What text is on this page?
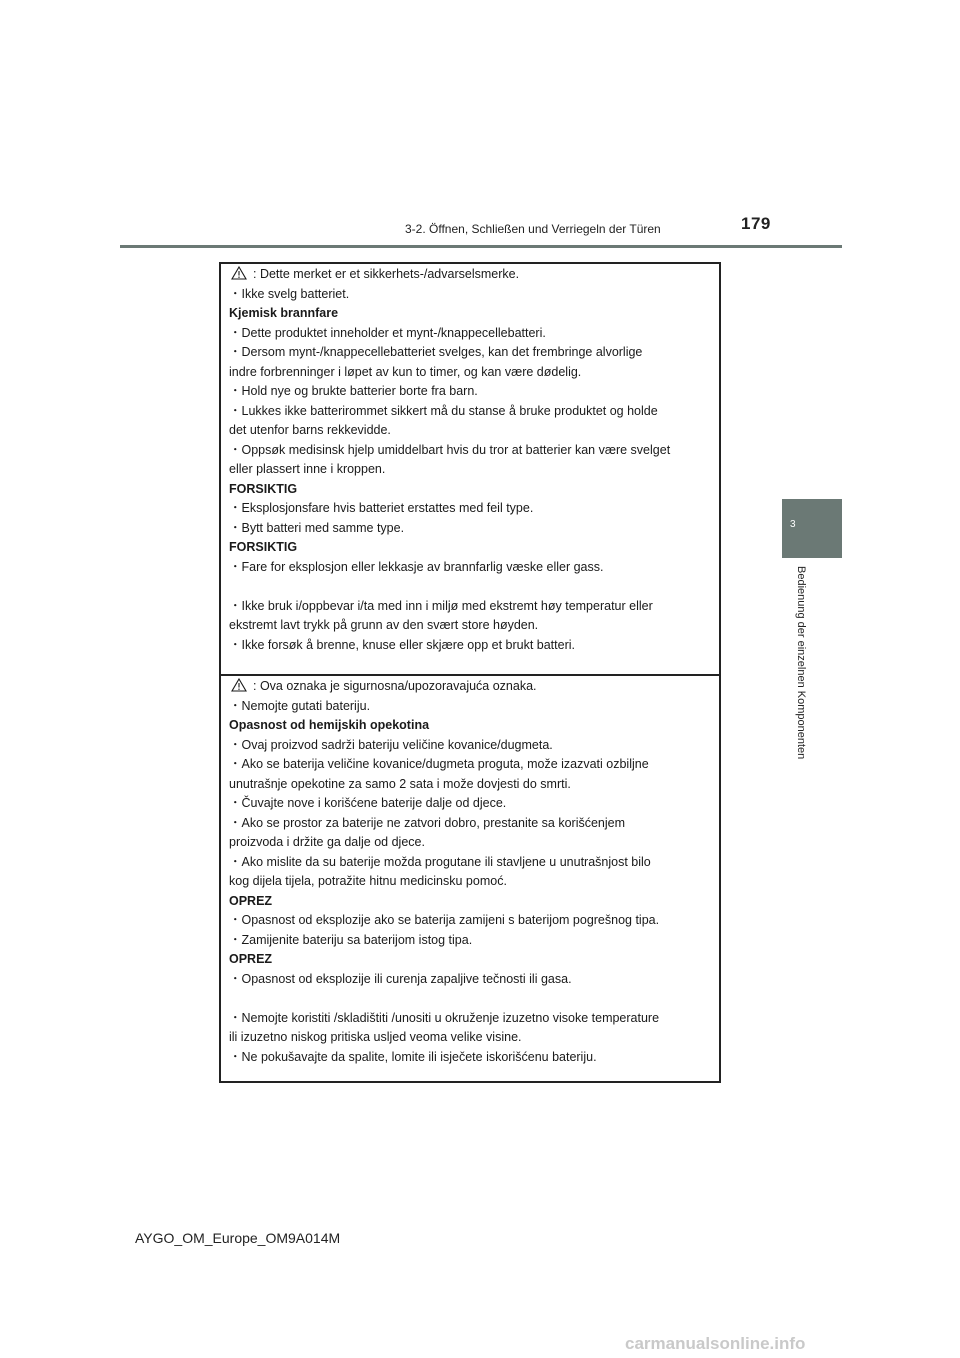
3-2. Öffnen, Schließen und Verriegeln der Türen	179
3
Bedienung der einzelnen Komponenten
: Dette merket er et sikkerhets-/advarselsmerke.
・Ikke svelg batteriet.
Kjemisk brannfare
・Dette produktet inneholder et mynt-/knappecellebatteri.
・Dersom mynt-/knappecellebatteriet svelges, kan det frembringe alvorlige
indre forbrenninger i løpet av kun to timer, og kan være dødelig.
・Hold nye og brukte batterier borte fra barn.
・Lukkes ikke batterirommet sikkert må du stanse å bruke produktet og holde
det utenfor barns rekkevidde.
・Oppsøk medisinsk hjelp umiddelbart hvis du tror at batterier kan være svelget
eller plassert inne i kroppen.
FORSIKTIG
・Eksplosjonsfare hvis batteriet erstattes med feil type.
・Bytt batteri med samme type.
FORSIKTIG
・Fare for eksplosjon eller lekkasje av brannfarlig væske eller gass.
・Ikke bruk i/oppbevar i/ta med inn i miljø med ekstremt høy temperatur eller
ekstremt lavt trykk på grunn av den svært store høyden.
・Ikke forsøk å brenne, knuse eller skjære opp et brukt batteri.
: Ova oznaka je sigurnosna/upozoravajuća oznaka.
・Nemojte gutati bateriju.
Opasnost od hemijskih opekotina
・Ovaj proizvod sadrži bateriju veličine kovanice/dugmeta.
・Ako se baterija veličine kovanice/dugmeta proguta, može izazvati ozbiljne
unutrašnje opekotine za samo 2 sata i može dovjesti do smrti.
・Čuvajte nove i korišćene baterije dalje od djece.
・Ako se prostor za baterije ne zatvori dobro, prestanite sa korišćenjem
proizvoda i držite ga dalje od djece.
・Ako mislite da su baterije možda progutane ili stavljene u unutrašnjost bilo
kog dijela tijela, potražite hitnu medicinsku pomoć.
OPREZ
・Opasnost od eksplozije ako se baterija zamijeni s baterijom pogrešnog tipa.
・Zamijenite bateriju sa baterijom istog tipa.
OPREZ
・Opasnost od eksplozije ili curenja zapaljive tečnosti ili gasa.
・Nemojte koristiti /skladištiti /unositi u okruženje izuzetno visoke temperature
ili izuzetno niskog pritiska usljed veoma velike visine.
・Ne pokušavajte da spalite, lomite ili isječete iskorišćenu bateriju.
AYGO_OM_Europe_OM9A014M
carmanualsonline.info
